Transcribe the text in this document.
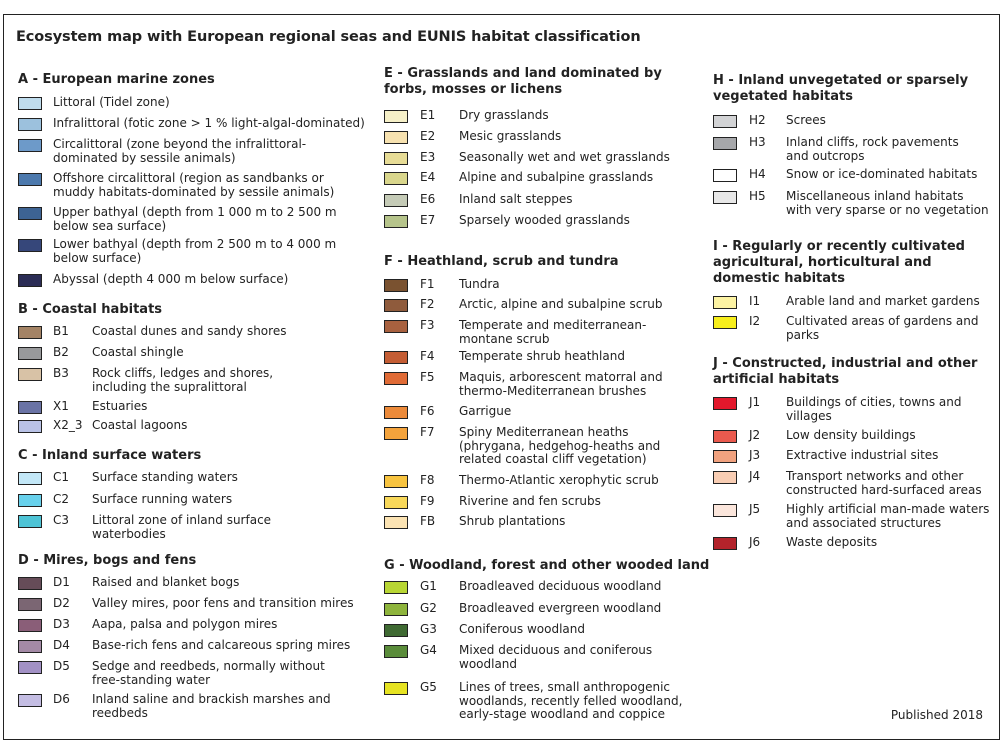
Ecosystem map with European regional seas and EUNIS habitat classification
A - European marine zones
Littoral (Tidel zone)
Infralittoral (fotic zone > 1 % light-algal-dominated)
Circalittoral (zone beyond the infralittoral-
dominated by sessile animals)
Offshore circalittoral (region as sandbanks or
muddy habitats-dominated by sessile animals)
Upper bathyal (depth from 1 000 m to 2 500 m
below sea surface)
Lower bathyal (depth from 2 500 m to 4 000 m
below surface)
Abyssal (depth 4 000 m below surface)
B - Coastal habitats
B1 Coastal dunes and sandy shores
B2 Coastal shingle
B3 Rock cliffs, ledges and shores,
including the supralittoral
X1 Estuaries
X2_3 Coastal lagoons
C - Inland surface waters
C1 Surface standing waters
C2 Surface running waters
C3 Littoral zone of inland surface
waterbodies
D - Mires, bogs and fens
D1 Raised and blanket bogs
D2 Valley mires, poor fens and transition mires
D3 Aapa, palsa and polygon mires
D4 Base-rich fens and calcareous spring mires
D5 Sedge and reedbeds, normally without
free-standing water
D6 Inland saline and brackish marshes and
reedbeds
E - Grasslands and land dominated by
forbs, mosses or lichens
E1 Dry grasslands
E2 Mesic grasslands
E3 Seasonally wet and wet grasslands
E4 Alpine and subalpine grasslands
E6 Inland salt steppes
E7 Sparsely wooded grasslands
F - Heathland, scrub and tundra
F1 Tundra
F2 Arctic, alpine and subalpine scrub
F3 Temperate and mediterranean-
montane scrub
F4 Temperate shrub heathland
F5 Maquis, arborescent matorral and
thermo-Mediterranean brushes
F6 Garrigue
F7 Spiny Mediterranean heaths
(phrygana, hedgehog-heaths and
related coastal cliff vegetation)
F8 Thermo-Atlantic xerophytic scrub
F9 Riverine and fen scrubs
FB Shrub plantations
G - Woodland, forest and other wooded land
G1 Broadleaved deciduous woodland
G2 Broadleaved evergreen woodland
G3 Coniferous woodland
G4 Mixed deciduous and coniferous
woodland
G5 Lines of trees, small anthropogenic
woodlands, recently felled woodland,
early-stage woodland and coppice
H - Inland unvegetated or sparsely
vegetated habitats
H2 Screes
H3 Inland cliffs, rock pavements
and outcrops
H4 Snow or ice-dominated habitats
H5 Miscellaneous inland habitats
with very sparse or no vegetation
I - Regularly or recently cultivated
agricultural, horticultural and
domestic habitats
I1 Arable land and market gardens
I2 Cultivated areas of gardens and
parks
J - Constructed, industrial and other
artificial habitats
J1 Buildings of cities, towns and
villages
J2 Low density buildings
J3 Extractive industrial sites
J4 Transport networks and other
constructed hard-surfaced areas
J5 Highly artificial man-made waters
and associated structures
J6 Waste deposits
Published 2018
